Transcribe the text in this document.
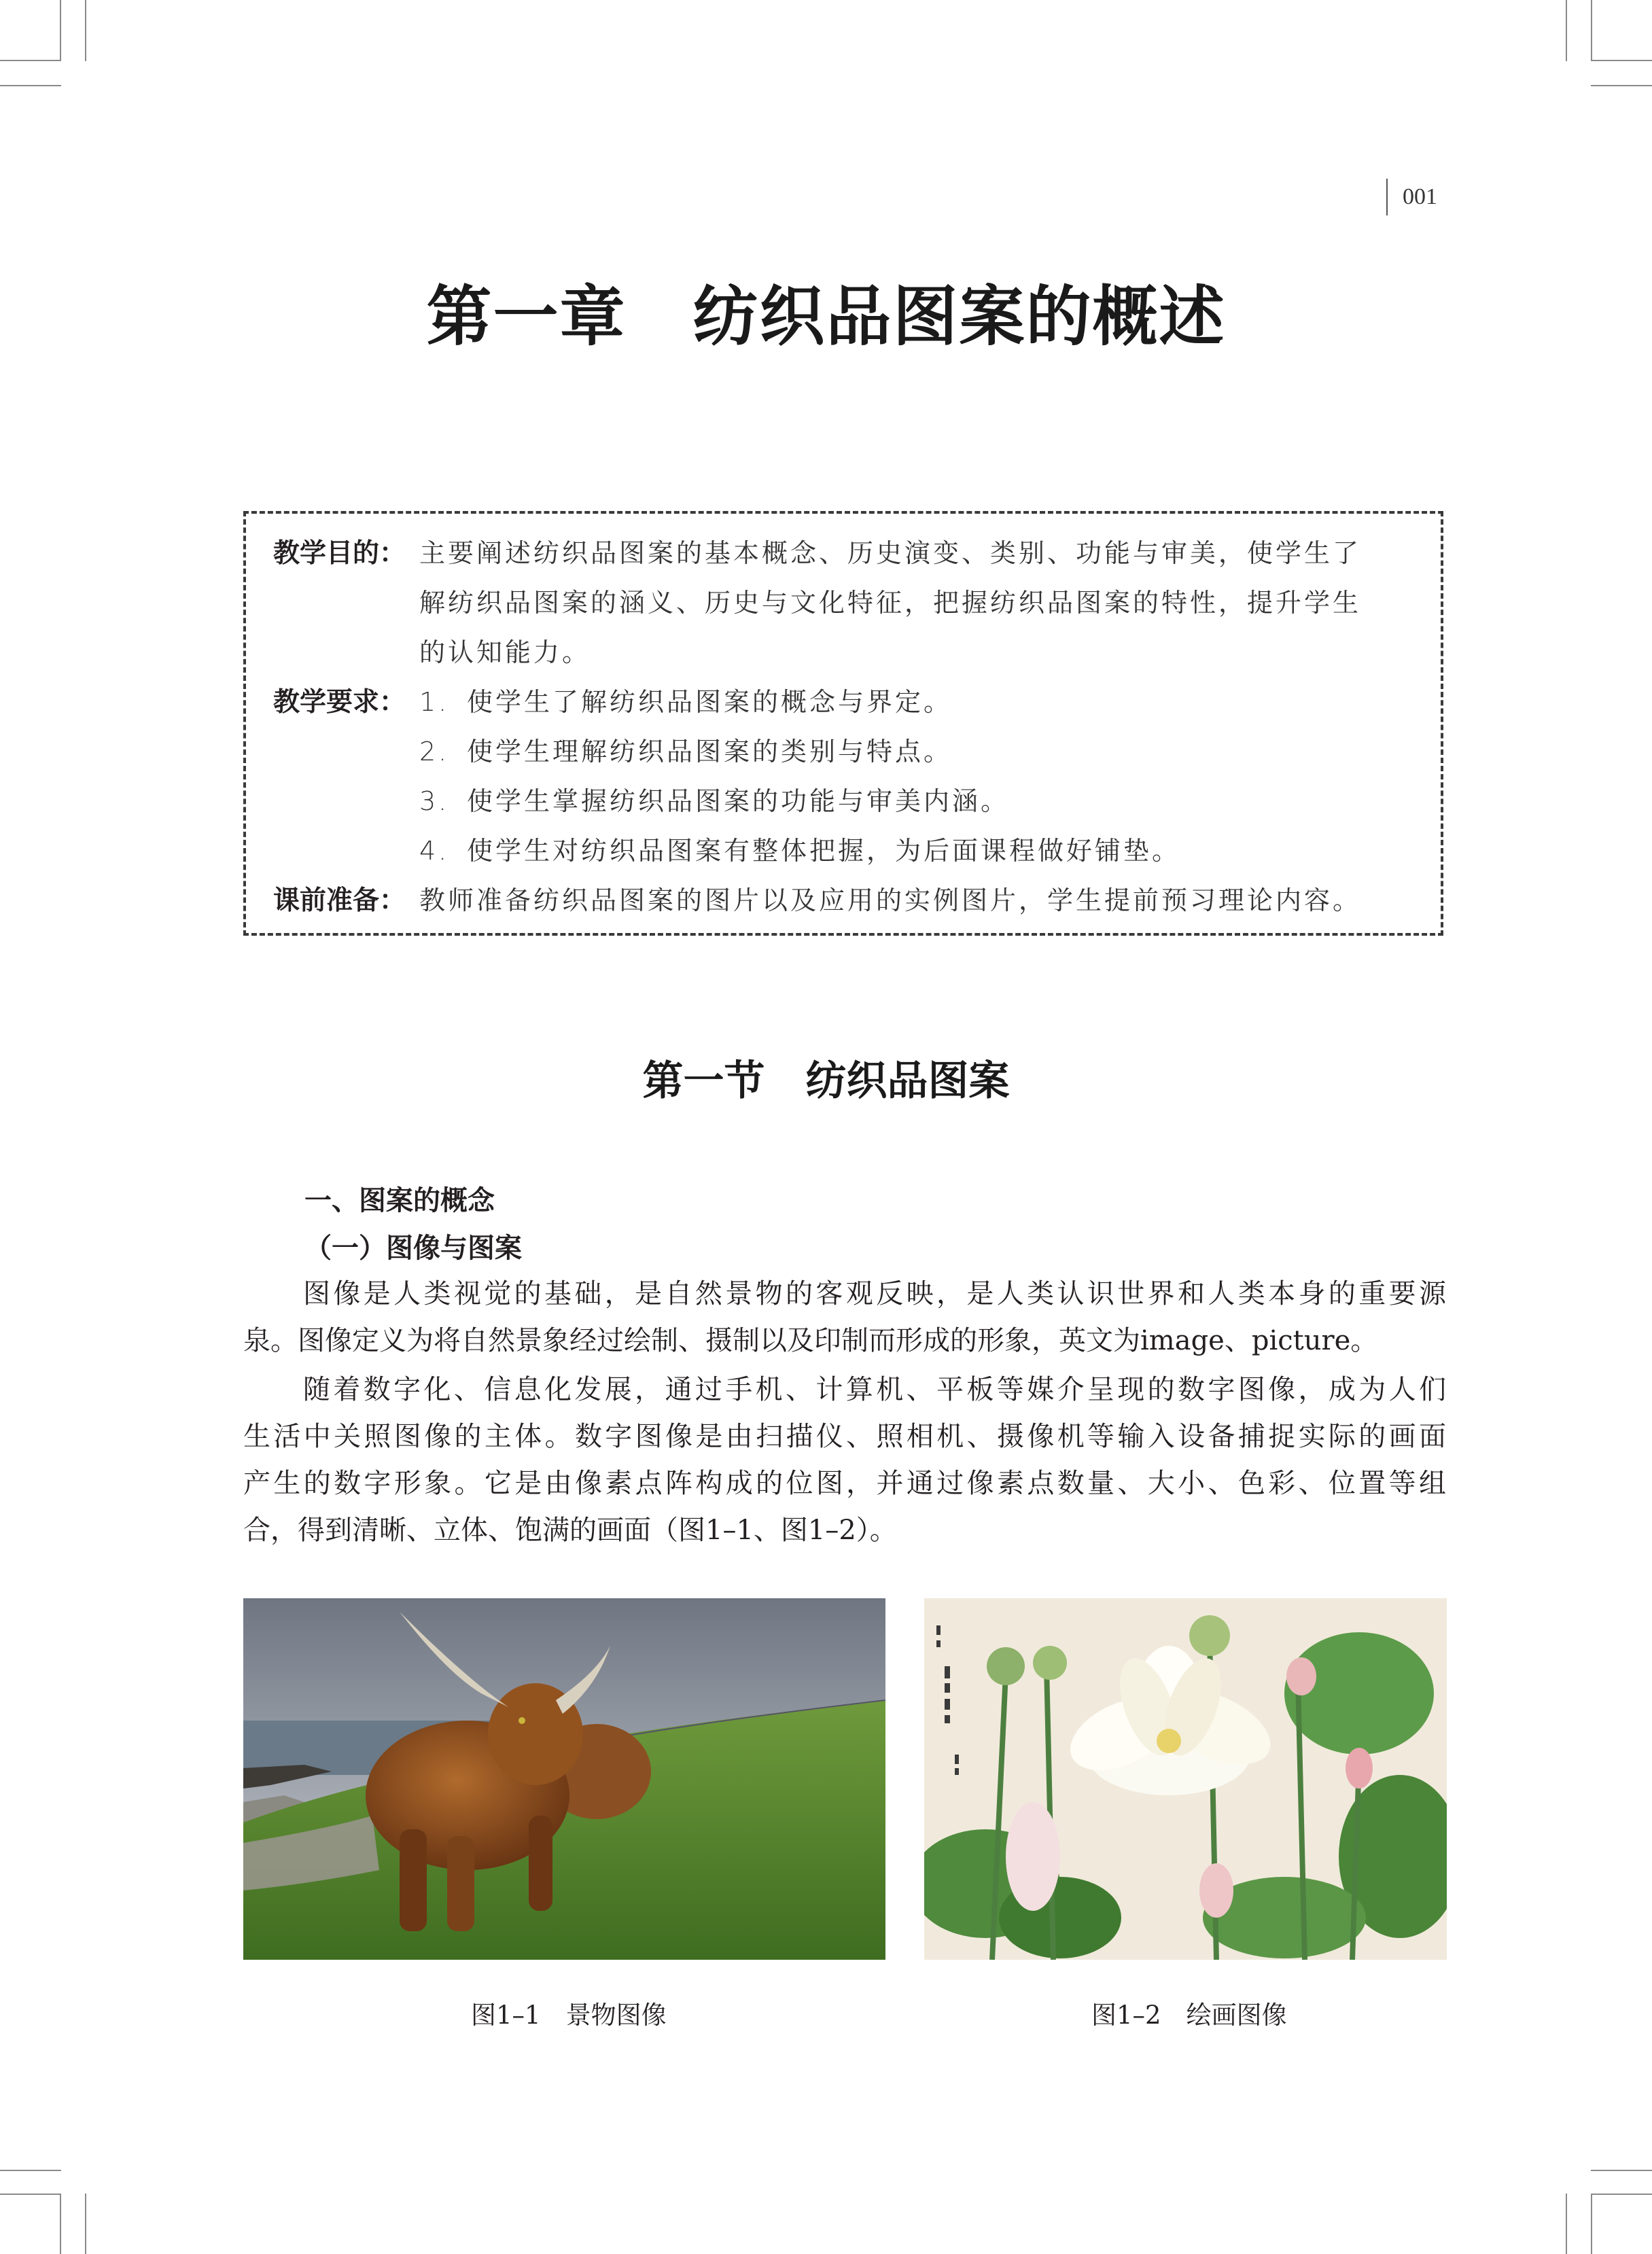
001
第一章　纺织品图案的概述
教学目的： 主要阐述纺织品图案的基本概念、历史演变、类别、功能与审美，使学生了
解纺织品图案的涵义、历史与文化特征，把握纺织品图案的特性，提升学生
的认知能力。
教学要求： 1. 使学生了解纺织品图案的概念与界定。
2. 使学生理解纺织品图案的类别与特点。
3. 使学生掌握纺织品图案的功能与审美内涵。
4. 使学生对纺织品图案有整体把握，为后面课程做好铺垫。
课前准备： 教师准备纺织品图案的图片以及应用的实例图片，学生提前预习理论内容。
第一节　纺织品图案
一、图案的概念
（一）图像与图案
图像是人类视觉的基础，是自然景物的客观反映，是人类认识世界和人类本身的重要源
泉。图像定义为将自然景象经过绘制、摄制以及印制而形成的形象，英文为image、picture。
随着数字化、信息化发展，通过手机、计算机、平板等媒介呈现的数字图像，成为人们
生活中关照图像的主体。数字图像是由扫描仪、照相机、摄像机等输入设备捕捉实际的画面
产生的数字形象。它是由像素点阵构成的位图，并通过像素点数量、大小、色彩、位置等组
合，得到清晰、立体、饱满的画面（图1–1、图1–2）。
图1–1　景物图像	图1–2　绘画图像
